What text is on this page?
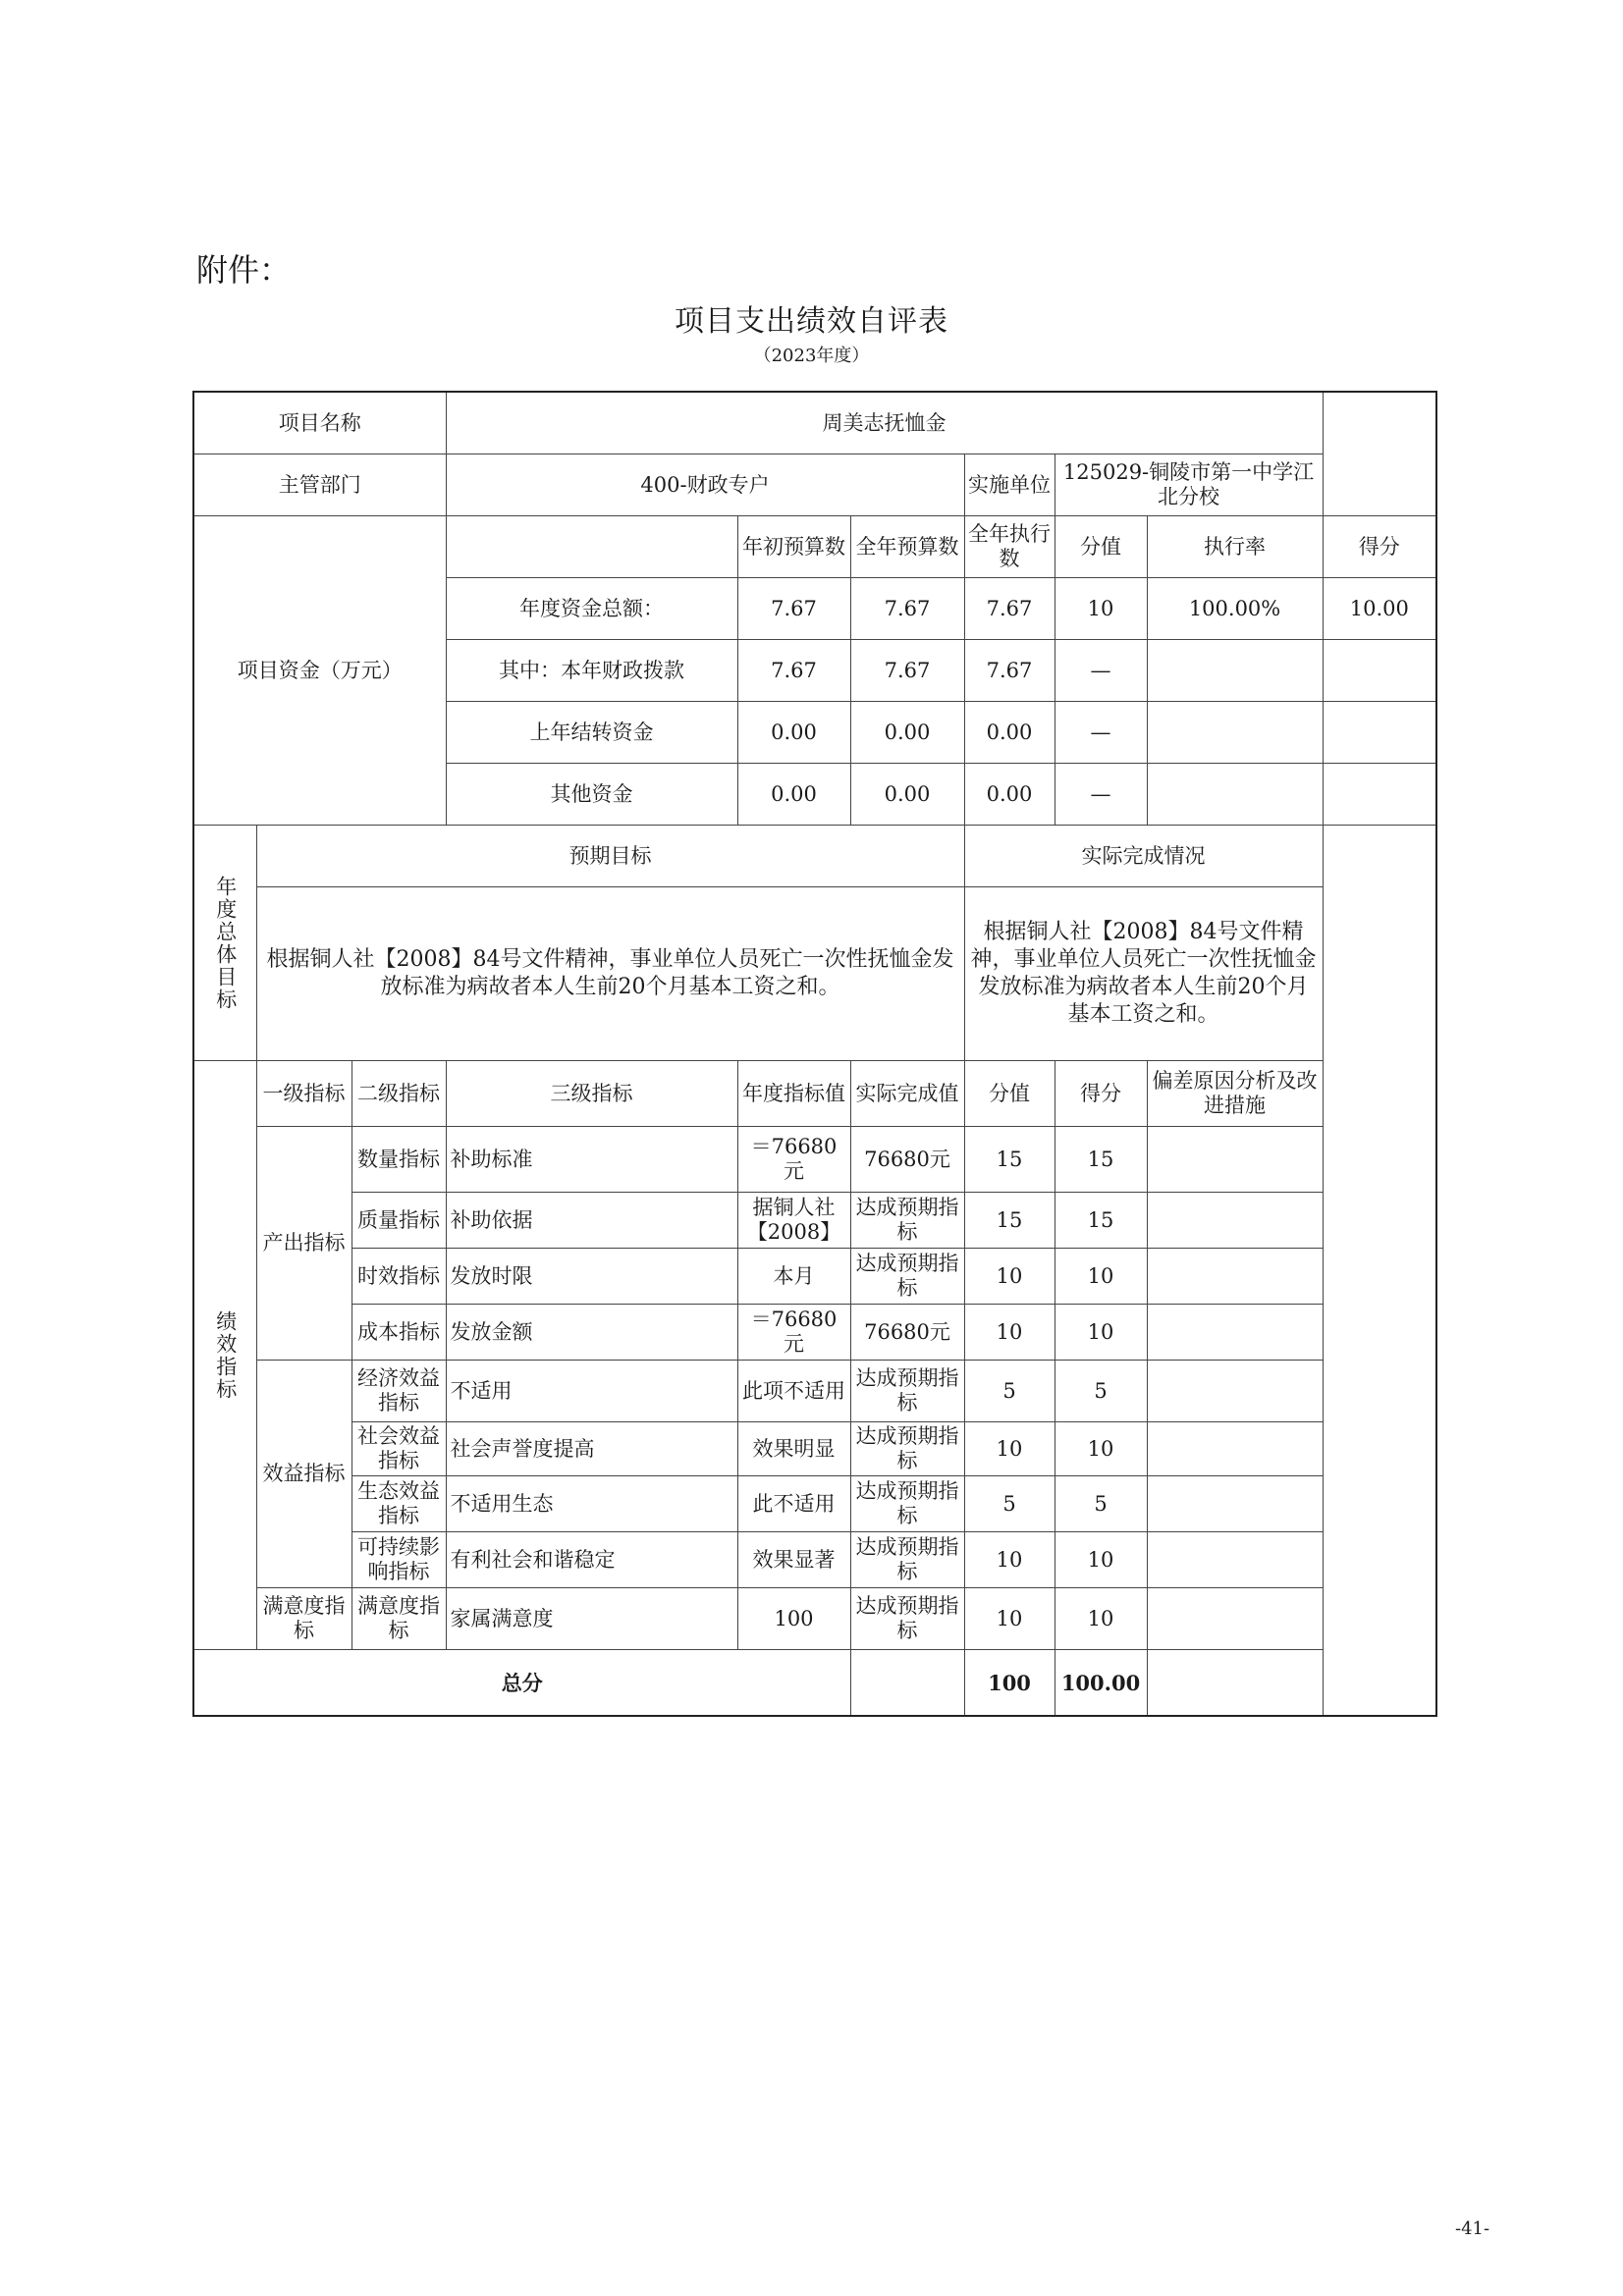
附件：
项目支出绩效自评表
（2023年度）
项目名称			周美志抚恤金						
主管部门			400-财政专户			实施单位	125029-铜陵市第一中学江北分校		
项目资金（万元）				年初预算数	全年预算数	全年执行数	分值	执行率	得分
			年度资金总额：	7.67	7.67	7.67	10	100.00%	10.00
			其中：本年财政拨款	7.67	7.67	7.67	—		
			上年结转资金	0.00	0.00	0.00	—		
			其他资金	0.00	0.00	0.00	—		
年度总体目标	预期目标					实际完成情况			
	根据铜人社【2008】84号文件精神，事业单位人员死亡一次性抚恤金发放标准为病故者本人生前20个月基本工资之和。					根据铜人社【2008】84号文件精神，事业单位人员死亡一次性抚恤金发放标准为病故者本人生前20个月基本工资之和。			
绩效指标	一级指标	二级指标	三级指标	年度指标值	实际完成值	分值	得分	偏差原因分析及改进措施	
	产出指标	数量指标	补助标准	＝76680元	76680元	15	15		
		质量指标	补助依据	据铜人社【2008】	达成预期指标	15	15		
		时效指标	发放时限	本月	达成预期指标	10	10		
		成本指标	发放金额	＝76680元	76680元	10	10		
	效益指标	经济效益指标	不适用	此项不适用	达成预期指标	5	5		
		社会效益指标	社会声誉度提高	效果明显	达成预期指标	10	10		
		生态效益指标	不适用生态	此不适用	达成预期指标	5	5		
		可持续影响指标	有利社会和谐稳定	效果显著	达成预期指标	10	10		
	满意度指标	满意度指标	家属满意度	100	达成预期指标	10	10		
总分						100	100.00		
-41-
